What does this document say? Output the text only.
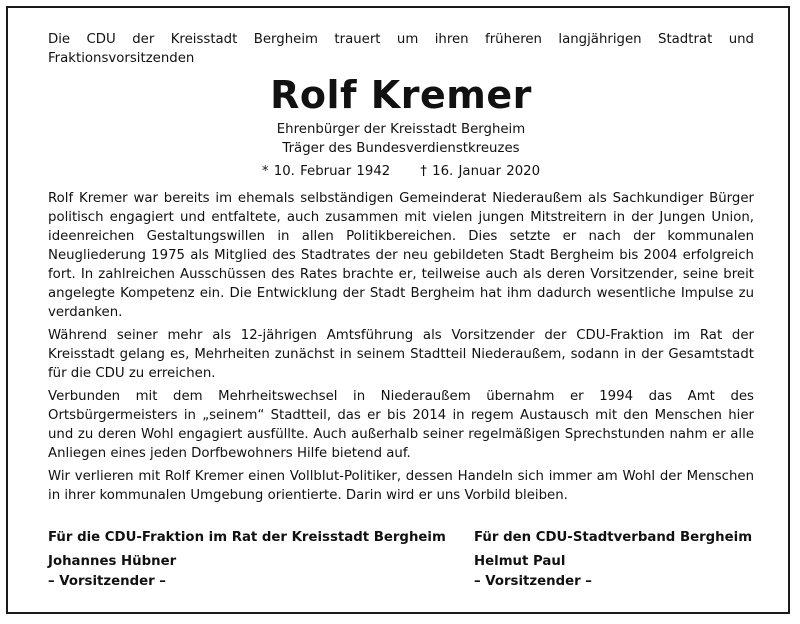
Die CDU der Kreisstadt Bergheim trauert um ihren früheren langjährigen Stadtrat und Fraktionsvorsitzenden

Rolf Kremer
Ehrenbürger der Kreisstadt Bergheim
Träger des Bundesverdienstkreuzes
* 10. Februar 1942 † 16. Januar 2020

Rolf Kremer war bereits im ehemals selbständigen Gemeinderat Niederaußem als Sachkundiger Bürger politisch engagiert und entfaltete, auch zusammen mit vielen jungen Mitstreitern in der Jungen Union, ideenreichen Gestaltungswillen in allen Politikbereichen. Dies setzte er nach der kommunalen Neugliederung 1975 als Mitglied des Stadtrates der neu gebildeten Stadt Bergheim bis 2004 erfolgreich fort. In zahlreichen Ausschüssen des Rates brachte er, teilweise auch als deren Vorsitzender, seine breit angelegte Kompetenz ein. Die Entwicklung der Stadt Bergheim hat ihm dadurch wesentliche Impulse zu verdanken.

Während seiner mehr als 12-jährigen Amtsführung als Vorsitzender der CDU-Fraktion im Rat der Kreisstadt gelang es, Mehrheiten zunächst in seinem Stadtteil Niederaußem, sodann in der Gesamtstadt für die CDU zu erreichen.

Verbunden mit dem Mehrheitswechsel in Niederaußem übernahm er 1994 das Amt des Ortsbürgermeisters in „seinem“ Stadtteil, das er bis 2014 in regem Austausch mit den Menschen hier und zu deren Wohl engagiert ausfüllte. Auch außerhalb seiner regelmäßigen Sprechstunden nahm er alle Anliegen eines jeden Dorfbewohners Hilfe bietend auf.

Wir verlieren mit Rolf Kremer einen Vollblut-Politiker, dessen Handeln sich immer am Wohl der Menschen in ihrer kommunalen Umgebung orientierte. Darin wird er uns Vorbild bleiben.

Für die CDU-Fraktion im Rat der Kreisstadt Bergheim
Johannes Hübner
– Vorsitzender –
Für den CDU-Stadtverband Bergheim
Helmut Paul
– Vorsitzender –
